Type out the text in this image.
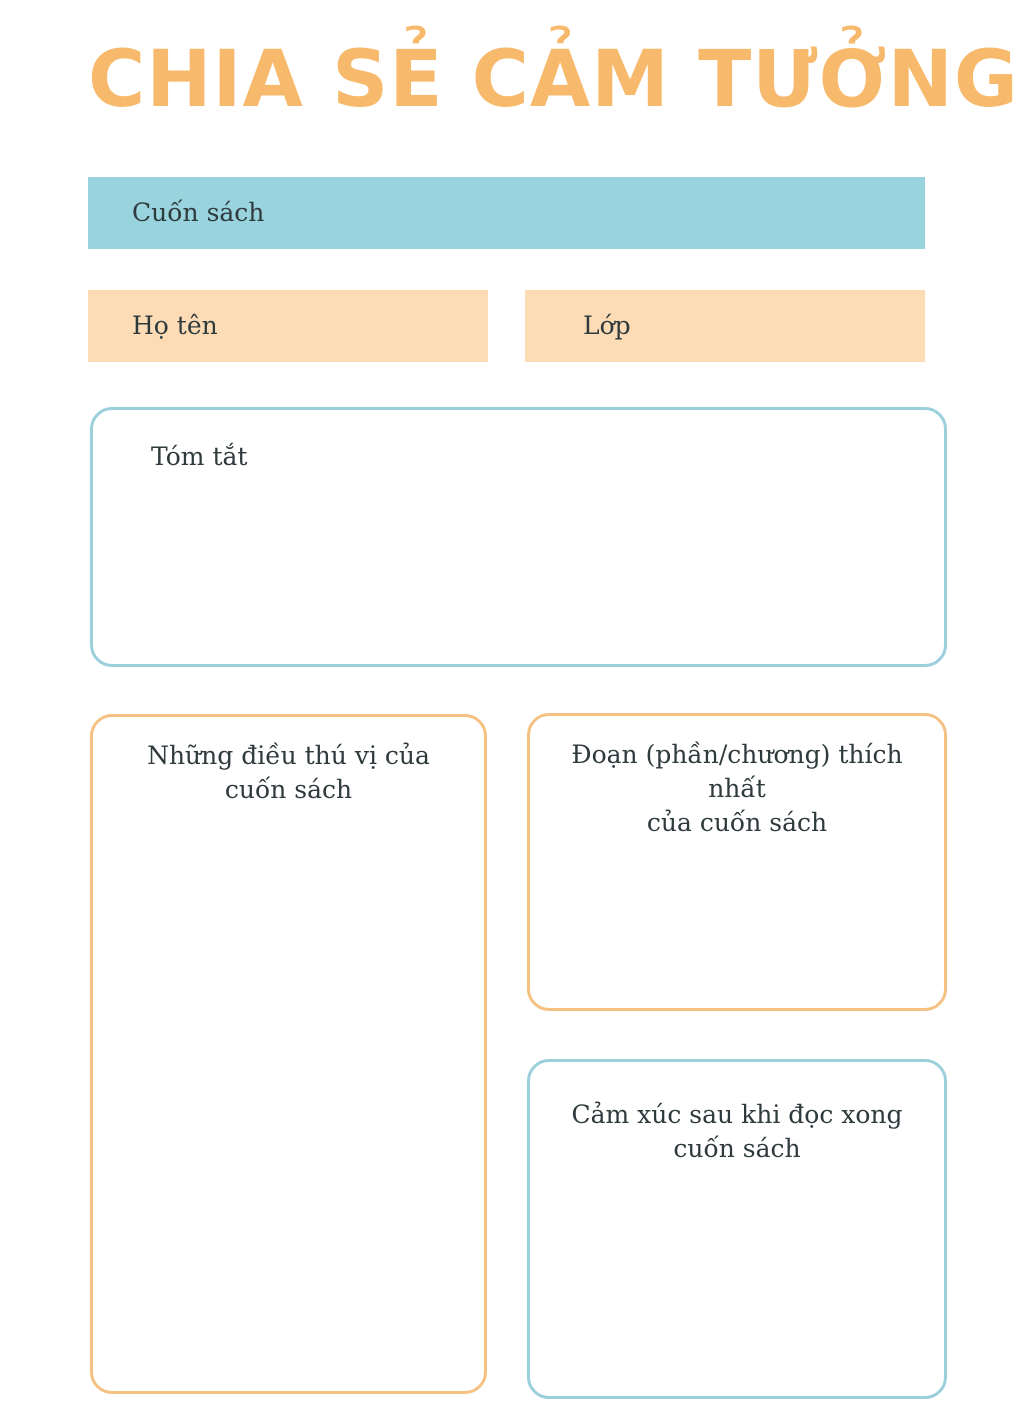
CHIA SẺ CẢM TƯỞNG
Cuốn sách
Họ tên	Lớp
Tóm tắt
Những điều thú vị của
cuốn sách
Đoạn (phần/chương) thích nhất
của cuốn sách
Cảm xúc sau khi đọc xong
cuốn sách
